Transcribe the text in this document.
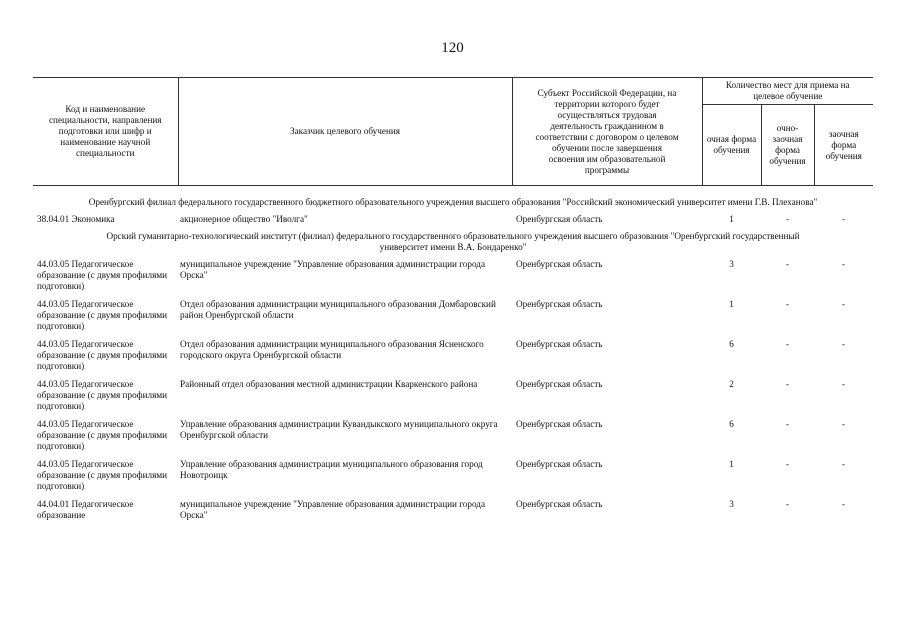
120
Код и наименование специальности, направления подготовки или шифр и наименование научной специальности	Заказчик целевого обучения	Субъект Российской Федерации, на территории которого будет осуществляться трудовая деятельность гражданином в соответствии с договором о целевом обучении после завершения освоения им образовательной программы	Количество мест для приема на целевое обучение		
			очная форма обучения	очно-заочная форма обучения	заочная форма обучения

Оренбургский филиал федерального государственного бюджетного образовательного учреждения высшего образования "Российский экономический университет имени Г.В. Плеханова"					
38.04.01 Экономика	акционерное общество "Иволга"	Оренбургская область	1	-	-
Орский гуманитарно-технологический институт (филиал) федерального государственного образовательного учреждения высшего образования "Оренбургский государственный университет имени В.А. Бондаренко"					
44.03.05 Педагогическое образование (с двумя профилями подготовки)	муниципальное учреждение "Управление образования администрации города Орска"	Оренбургская область	3	-	-
44.03.05 Педагогическое образование (с двумя профилями подготовки)	Отдел образования администрации муниципального образования Домбаровский район Оренбургской области	Оренбургская область	1	-	-
44.03.05 Педагогическое образование (с двумя профилями подготовки)	Отдел образования администрации муниципального образования Ясненского городского округа Оренбургской области	Оренбургская область	6	-	-
44.03.05 Педагогическое образование (с двумя профилями подготовки)	Районный отдел образования местной администрации Кваркенского района	Оренбургская область	2	-	-
44.03.05 Педагогическое образование (с двумя профилями подготовки)	Управление образования администрации Кувандыкского муниципального округа Оренбургской области	Оренбургская область	6	-	-
44.03.05 Педагогическое образование (с двумя профилями подготовки)	Управление образования администрации муниципального образования город Новотроицк	Оренбургская область	1	-	-
44.04.01 Педагогическое образование	муниципальное учреждение "Управление образования администрации города Орска"	Оренбургская область	3	-	-
